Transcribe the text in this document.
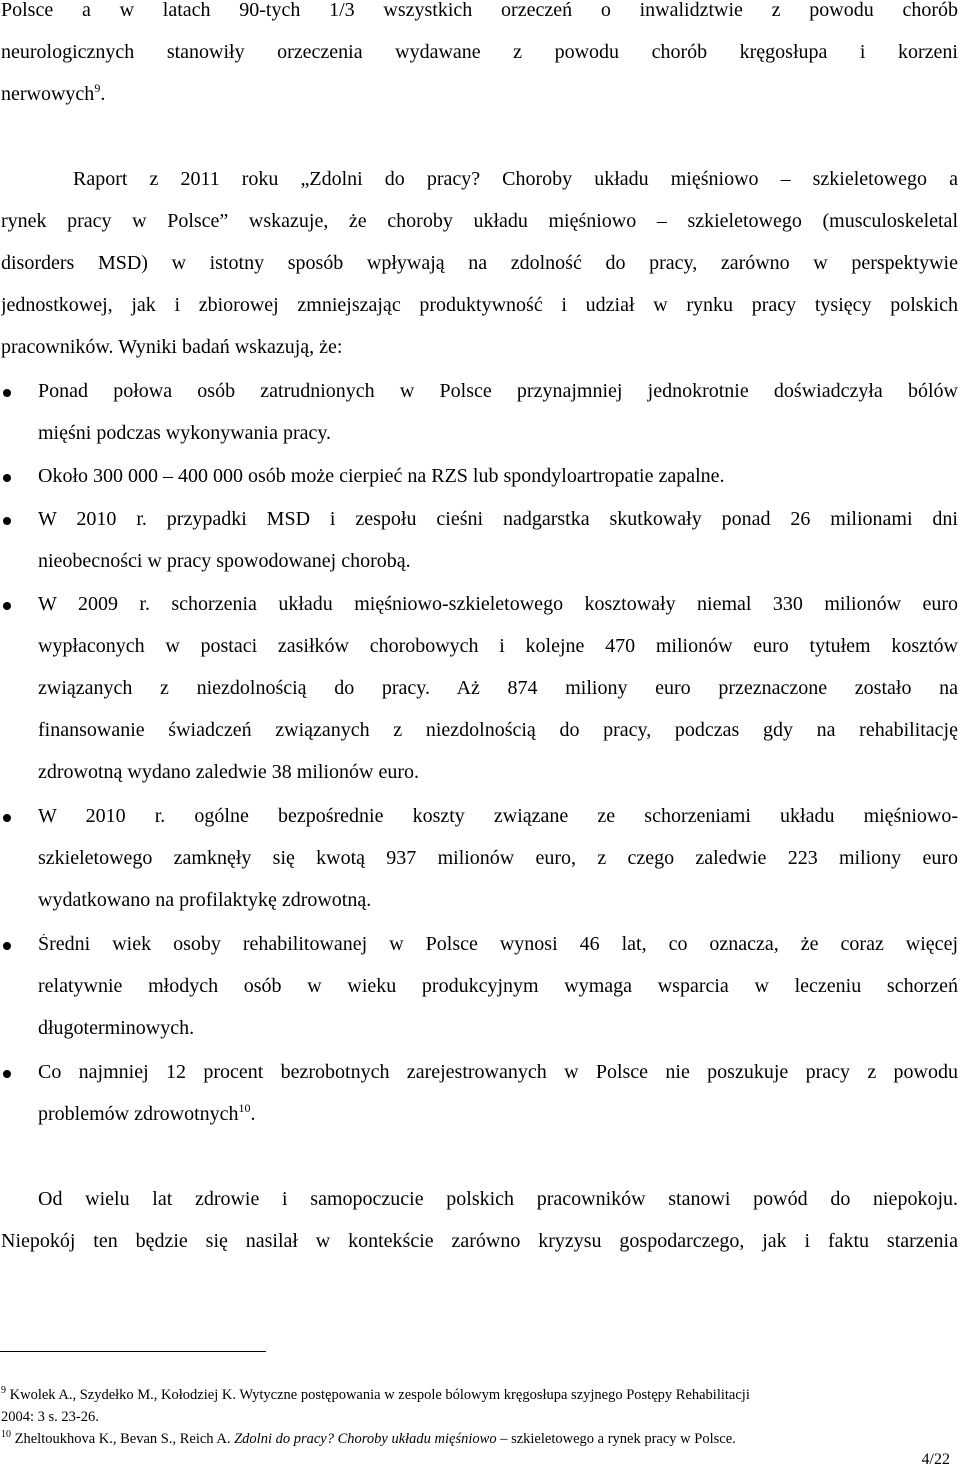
Polsce a w latach 90-tych 1/3 wszystkich orzeczeń o inwalidztwie z powodu chorób
neurologicznych stanowiły orzeczenia wydawane z powodu chorób kręgosłupa i korzeni
nerwowych$^9$.
Raport z 2011 roku „Zdolni do pracy? Choroby układu mięśniowo – szkieletowego a
rynek pracy w Polsce” wskazuje, że choroby układu mięśniowo – szkieletowego (musculoskeletal
disorders MSD) w istotny sposób wpływają na zdolność do pracy, zarówno w perspektywie
jednostkowej, jak i zbiorowej zmniejszając produktywność i udział w rynku pracy tysięcy polskich
pracowników. Wyniki badań wskazują, że:
Ponad połowa osób zatrudnionych w Polsce przynajmniej jednokrotnie doświadczyła bólów
mięśni podczas wykonywania pracy.
Około 300 000 – 400 000 osób może cierpieć na RZS lub spondyloartropatie zapalne.
W 2010 r. przypadki MSD i zespołu cieśni nadgarstka skutkowały ponad 26 milionami dni
nieobecności w pracy spowodowanej chorobą.
W 2009 r. schorzenia układu mięśniowo-szkieletowego kosztowały niemal 330 milionów euro
wypłaconych w postaci zasiłków chorobowych i kolejne 470 milionów euro tytułem kosztów
związanych z niezdolnością do pracy. Aż 874 miliony euro przeznaczone zostało na
finansowanie świadczeń związanych z niezdolnością do pracy, podczas gdy na rehabilitację
zdrowotną wydano zaledwie 38 milionów euro.
W 2010 r. ogólne bezpośrednie koszty związane ze schorzeniami układu mięśniowo-
szkieletowego zamknęły się kwotą 937 milionów euro, z czego zaledwie 223 miliony euro
wydatkowano na profilaktykę zdrowotną.
Średni wiek osoby rehabilitowanej w Polsce wynosi 46 lat, co oznacza, że coraz więcej
relatywnie młodych osób w wieku produkcyjnym wymaga wsparcia w leczeniu schorzeń
długoterminowych.
Co najmniej 12 procent bezrobotnych zarejestrowanych w Polsce nie poszukuje pracy z powodu
problemów zdrowotnych$^{10}$.
Od wielu lat zdrowie i samopoczucie polskich pracowników stanowi powód do niepokoju.
Niepokój ten będzie się nasilał w kontekście zarówno kryzysu gospodarczego, jak i faktu starzenia
$^9$ Kwolek A., Szydełko M., Kołodziej K. Wytyczne postępowania w zespole bólowym kręgosłupa szyjnego Postępy Rehabilitacji
2004: 3 s. 23-26.
$^{10}$ Zheltoukhova K., Bevan S., Reich A. Zdolni do pracy? Choroby układu mięśniowo – szkieletowego a rynek pracy w Polsce.
4/22
